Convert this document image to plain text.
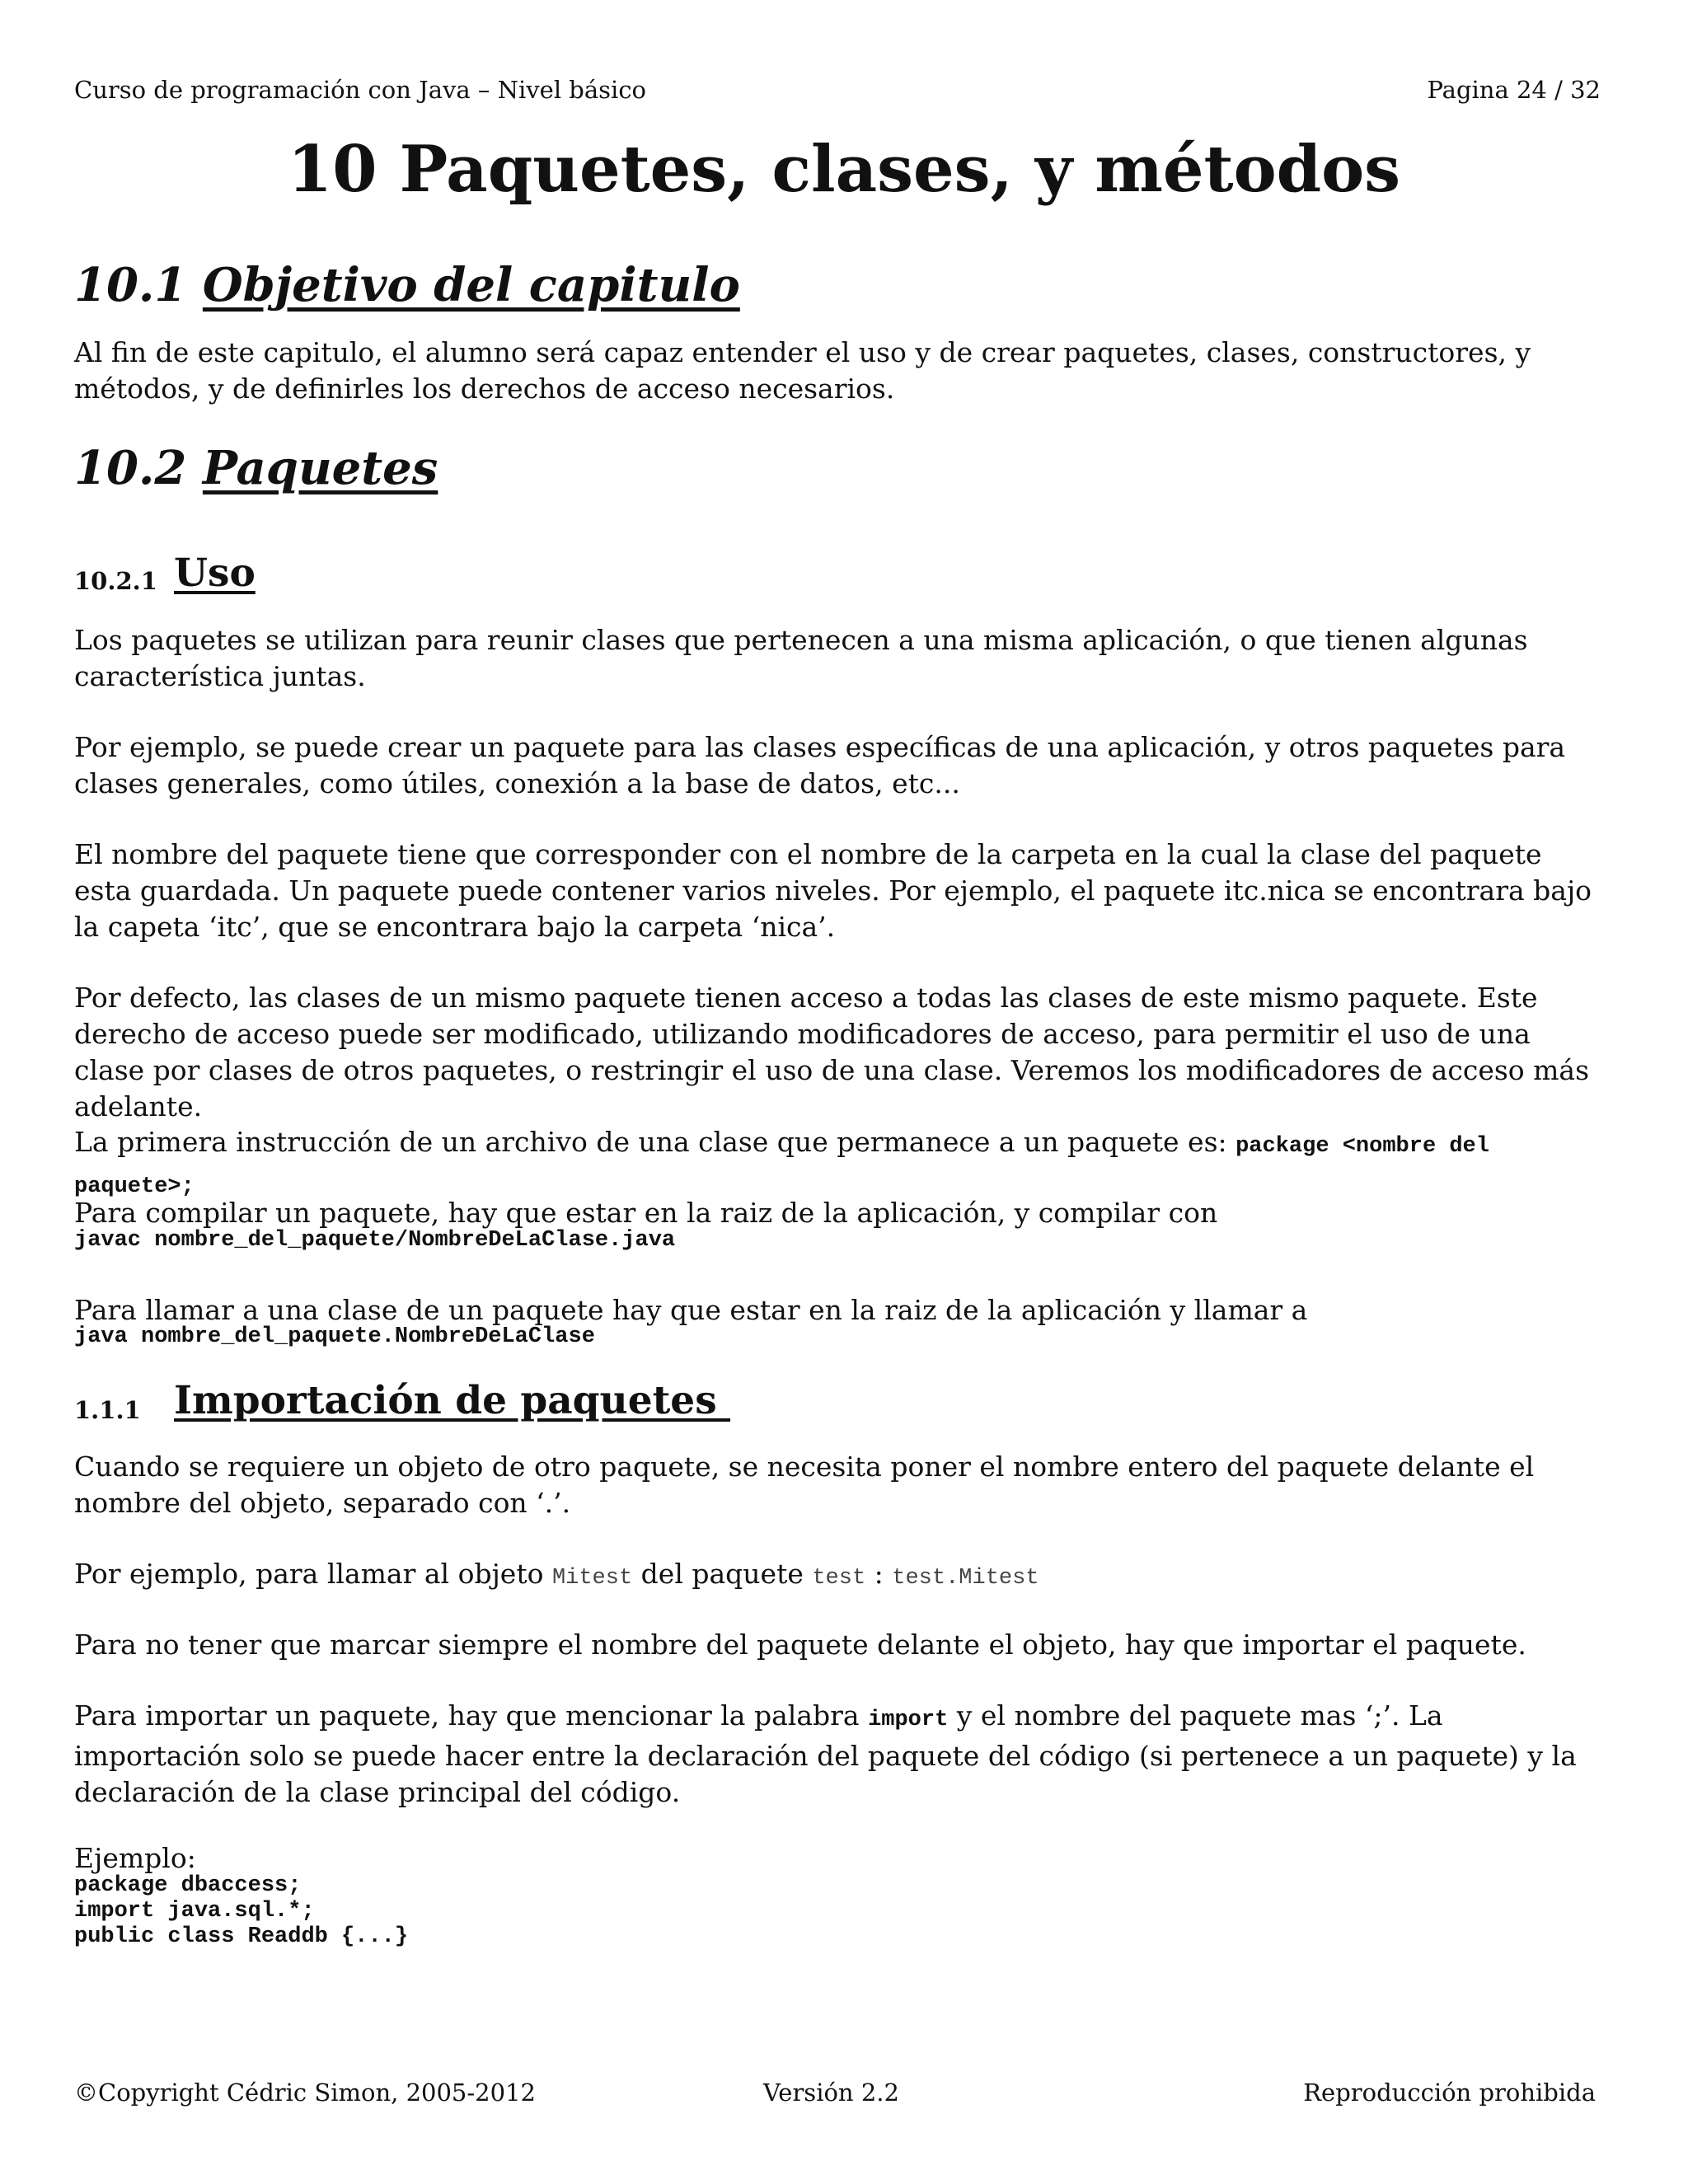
Curso de programación con Java – Nivel básico	Pagina 24 / 32
10 Paquetes, clases, y métodos
10.1 Objetivo del capitulo

Al fin de este capitulo, el alumno será capaz entender el uso y de crear paquetes, clases, constructores, y métodos, y de definirles los derechos de acceso necesarios.

10.2 Paquetes
10.2.1 Uso

Los paquetes se utilizan para reunir clases que pertenecen a una misma aplicación, o que tienen algunas característica juntas.

Por ejemplo, se puede crear un paquete para las clases específicas de una aplicación, y otros paquetes para clases generales, como útiles, conexión a la base de datos, etc...

El nombre del paquete tiene que corresponder con el nombre de la carpeta en la cual la clase del paquete esta guardada. Un paquete puede contener varios niveles. Por ejemplo, el paquete itc.nica se encontrara bajo la capeta ‘itc’, que se encontrara bajo la carpeta ‘nica’.

Por defecto, las clases de un mismo paquete tienen acceso a todas las clases de este mismo paquete. Este derecho de acceso puede ser modificado, utilizando modificadores de acceso, para permitir el uso de una clase por clases de otros paquetes, o restringir el uso de una clase. Veremos los modificadores de acceso más adelante.

La primera instrucción de un archivo de una clase que permanece a un paquete es: package <nombre del paquete>;

Para compilar un paquete, hay que estar en la raiz de la aplicación, y compilar con

javac nombre_del_paquete/NombreDeLaClase.java

Para llamar a una clase de un paquete hay que estar en la raiz de la aplicación y llamar a

java nombre_del_paquete.NombreDeLaClase
1.1.1 Importación de paquetes

Cuando se requiere un objeto de otro paquete, se necesita poner el nombre entero del paquete delante el nombre del objeto, separado con ‘.’.

Por ejemplo, para llamar al objeto Mitest del paquete test : test.Mitest

Para no tener que marcar siempre el nombre del paquete delante el objeto, hay que importar el paquete.

Para importar un paquete, hay que mencionar la palabra import y el nombre del paquete mas ‘;’. La importación solo se puede hacer entre la declaración del paquete del código (si pertenece a un paquete) y la declaración de la clase principal del código.

Ejemplo:

package dbaccess;
import java.sql.*;
public class Readdb {...}
©Copyright Cédric Simon, 2005-2012	Versión 2.2	Reproducción prohibida
